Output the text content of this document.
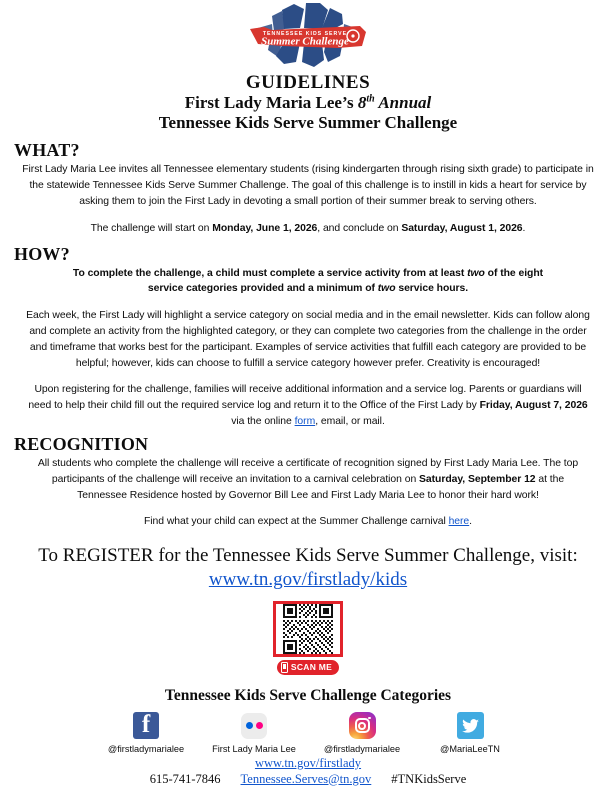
TENNESSEE KIDS SERVE
Summer Challenge
GUIDELINES
First Lady Maria Lee’s 8th Annual
Tennessee Kids Serve Summer Challenge
WHAT?

First Lady Maria Lee invites all Tennessee elementary students (rising kindergarten through rising sixth grade) to participate in the statewide Tennessee Kids Serve Summer Challenge. The goal of this challenge is to instill in kids a heart for service by asking them to join the First Lady in devoting a small portion of their summer break to serving others.

The challenge will start on Monday, June 1, 2026, and conclude on Saturday, August 1, 2026.

HOW?

To complete the challenge, a child must complete a service activity from at least two of the eight service categories provided and a minimum of two service hours.

Each week, the First Lady will highlight a service category on social media and in the email newsletter. Kids can follow along and complete an activity from the highlighted category, or they can complete two categories from the challenge in the order and timeframe that works best for the participant. Examples of service activities that fulfill each category are provided to be helpful; however, kids can choose to fulfill a service category however prefer. Creativity is encouraged!

Upon registering for the challenge, families will receive additional information and a service log. Parents or guardians will need to help their child fill out the required service log and return it to the Office of the First Lady by Friday, August 7, 2026 via the online form, email, or mail.

RECOGNITION

All students who complete the challenge will receive a certificate of recognition signed by First Lady Maria Lee. The top participants of the challenge will receive an invitation to a carnival celebration on Saturday, September 12 at the Tennessee Residence hosted by Governor Bill Lee and First Lady Maria Lee to honor their hard work!

Find what your child can expect at the Summer Challenge carnival here.

To REGISTER for the Tennessee Kids Serve Summer Challenge, visit:
www.tn.gov/firstlady/kids
SCAN ME
Tennessee Kids Serve Challenge Categories
f
@firstladymarialee	First Lady Maria Lee	@firstladymarialee	@MariaLeeTN
www.tn.gov/firstlady
615-741-7846 Tennessee.Serves@tn.gov #TNKidsServe
